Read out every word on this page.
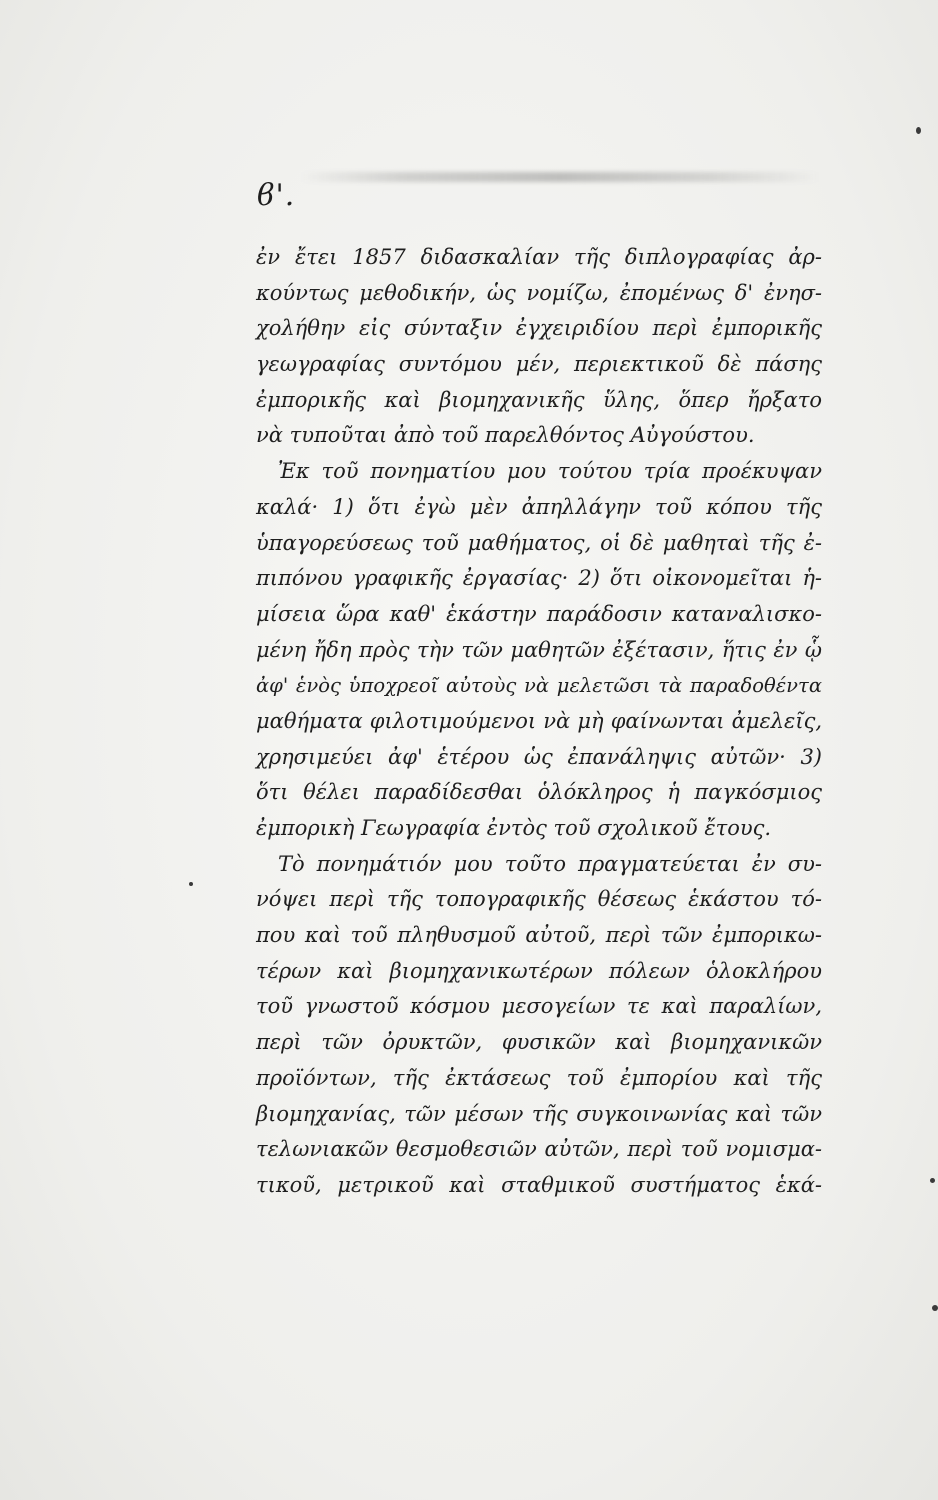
ϐ'.
ἐν ἔτει 1857 διδασκαλίαν τῆς διπλογραφίας ἀρ-
κούντως μεθοδικήν, ὡς νομίζω, ἐπομένως δ' ἐνησ-
χολήθην εἰς σύνταξιν ἐγχειριδίου περὶ ἐμπορικῆς
γεωγραφίας συντόμου μέν, περιεκτικοῦ δὲ πάσης
ἐμπορικῆς καὶ βιομηχανικῆς ὕλης, ὅπερ ἤρξατο
νὰ τυποῦται ἀπὸ τοῦ παρελθόντος Αὐγούστου.
Ἐκ τοῦ πονηματίου μου τούτου τρία προέκυψαν
καλά· 1) ὅτι ἐγὼ μὲν ἀπηλλάγην τοῦ κόπου τῆς
ὑπαγορεύσεως τοῦ μαθήματος, οἱ δὲ μαθηταὶ τῆς ἐ-
πιπόνου γραφικῆς ἐργασίας· 2) ὅτι οἰκονομεῖται ἡ-
μίσεια ὥρα καθ' ἑκάστην παράδοσιν καταναλισκο-
μένη ἤδη πρὸς τὴν τῶν μαθητῶν ἐξέτασιν, ἥτις ἐν ᾧ
ἀφ' ἑνὸς ὑποχρεοῖ αὐτοὺς νὰ μελετῶσι τὰ παραδοθέντα
μαθήματα φιλοτιμούμενοι νὰ μὴ φαίνωνται ἀμελεῖς,
χρησιμεύει ἀφ' ἑτέρου ὡς ἐπανάληψις αὐτῶν· 3)
ὅτι θέλει παραδίδεσθαι ὁλόκληρος ἡ παγκόσμιος
ἐμπορικὴ Γεωγραφία ἐντὸς τοῦ σχολικοῦ ἔτους.
Τὸ πονημάτιόν μου τοῦτο πραγματεύεται ἐν συ-
νόψει περὶ τῆς τοπογραφικῆς θέσεως ἑκάστου τό-
που καὶ τοῦ πληθυσμοῦ αὐτοῦ, περὶ τῶν ἐμπορικω-
τέρων καὶ βιομηχανικωτέρων πόλεων ὁλοκλήρου
τοῦ γνωστοῦ κόσμου μεσογείων τε καὶ παραλίων,
περὶ τῶν ὀρυκτῶν, φυσικῶν καὶ βιομηχανικῶν
προϊόντων, τῆς ἐκτάσεως τοῦ ἐμπορίου καὶ τῆς
βιομηχανίας, τῶν μέσων τῆς συγκοινωνίας καὶ τῶν
τελωνιακῶν θεσμοθεσιῶν αὐτῶν, περὶ τοῦ νομισμα-
τικοῦ, μετρικοῦ καὶ σταθμικοῦ συστήματος ἑκά-
